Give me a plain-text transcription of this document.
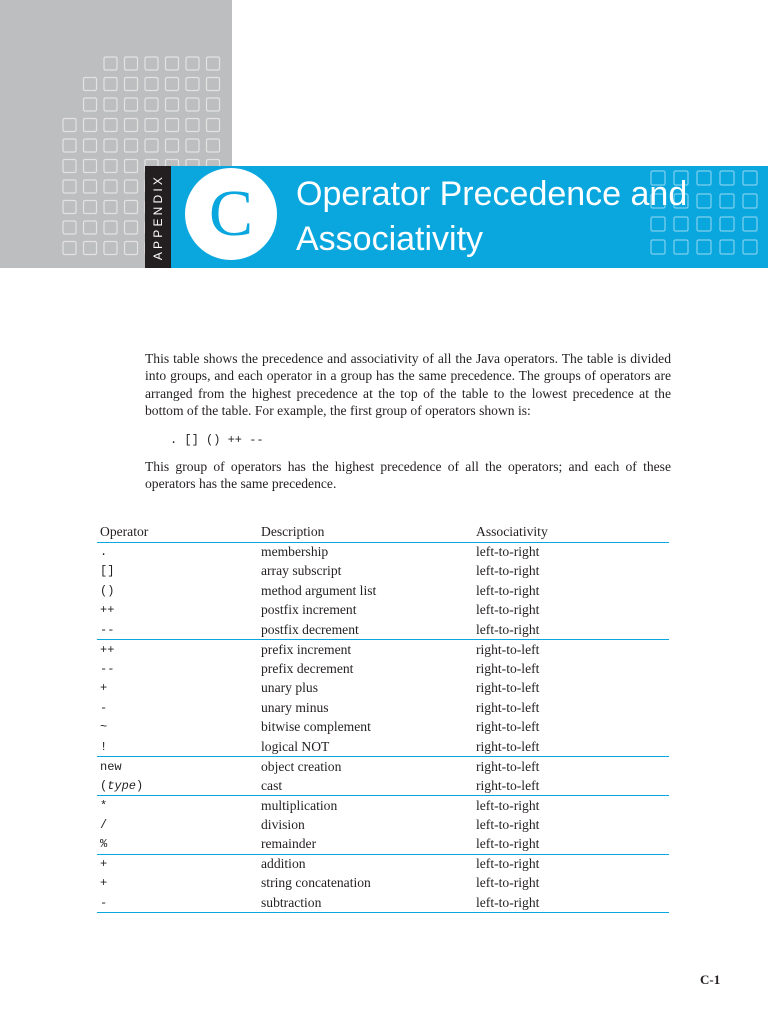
APPENDIX C	Operator Precedence and
Associativity

This table shows the precedence and associativity of all the Java operators. The table is divided into groups, and each operator in a group has the same precedence. The groups of operators are arranged from the highest precedence at the top of the table to the lowest precedence at the bottom of the table. For example, the first group of operators shown is:

. [] () ++ --

This group of operators has the highest precedence of all the operators; and each of these operators has the same precedence.

Operator	Description	Associativity
.	membership	left-to-right
[]	array subscript	left-to-right
()	method argument list	left-to-right
++	postfix increment	left-to-right
--	postfix decrement	left-to-right
++	prefix increment	right-to-left
--	prefix decrement	right-to-left
+	unary plus	right-to-left
-	unary minus	right-to-left
~	bitwise complement	right-to-left
!	logical NOT	right-to-left
new	object creation	right-to-left
(type)	cast	right-to-left
*	multiplication	left-to-right
/	division	left-to-right
%	remainder	left-to-right
+	addition	left-to-right
+	string concatenation	left-to-right
-	subtraction	left-to-right
C-1
